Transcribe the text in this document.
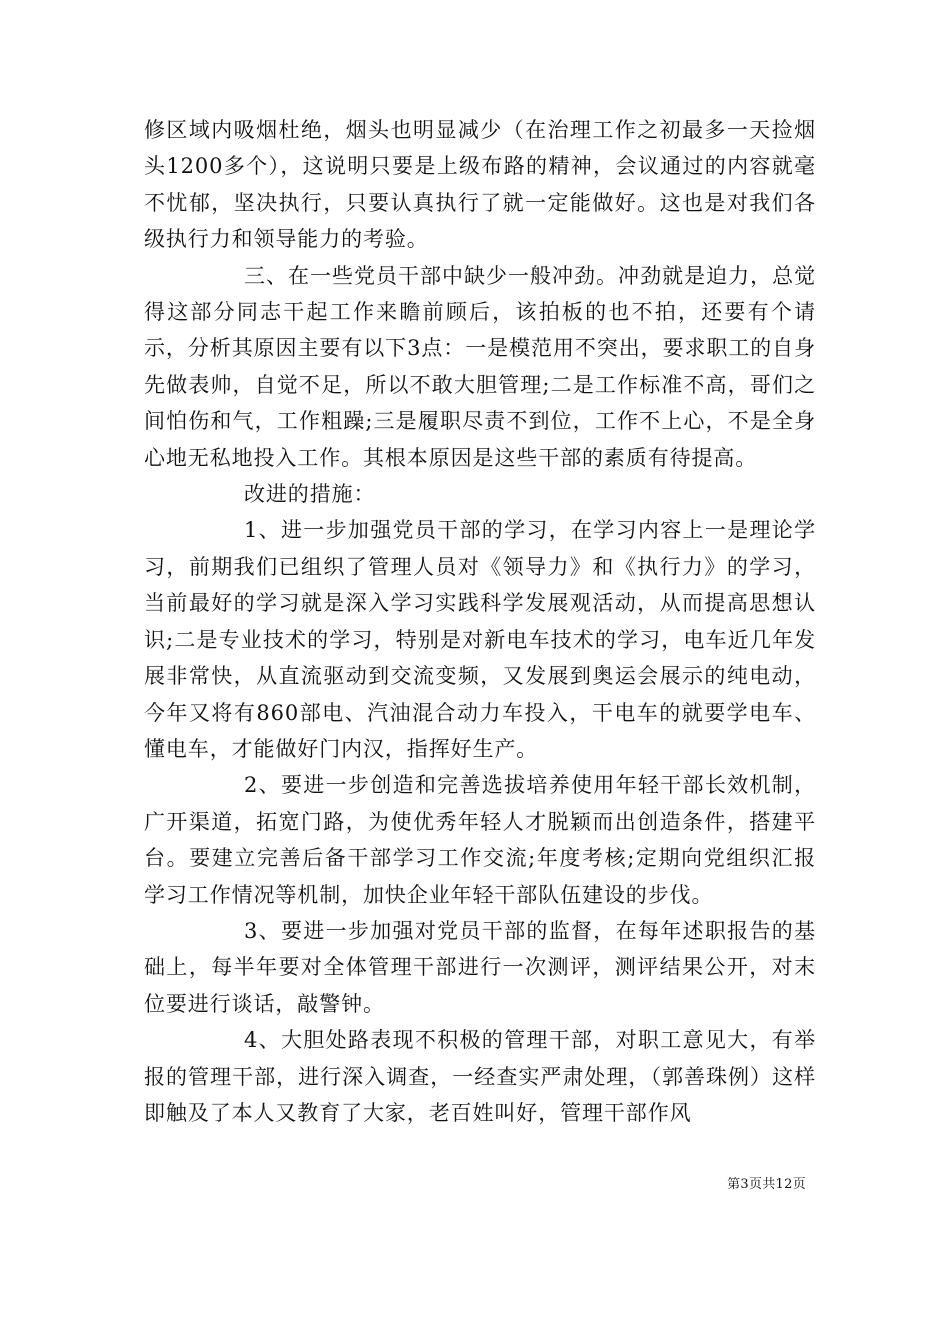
修区域内吸烟杜绝，烟头也明显减少（在治理工作之初最多一天捡烟头1200多个），这说明只要是上级布路的精神，会议通过的内容就毫不忧郁，坚决执行，只要认真执行了就一定能做好。这也是对我们各级执行力和领导能力的考验。

三、在一些党员干部中缺少一般冲劲。冲劲就是迫力，总觉得这部分同志干起工作来瞻前顾后，该拍板的也不拍，还要有个请示，分析其原因主要有以下3点：一是模范用不突出，要求职工的自身先做表帅，自觉不足，所以不敢大胆管理;二是工作标准不高，哥们之间怕伤和气，工作粗躁;三是履职尽责不到位，工作不上心，不是全身心地无私地投入工作。其根本原因是这些干部的素质有待提高。

改进的措施：

1、进一步加强党员干部的学习，在学习内容上一是理论学习，前期我们已组织了管理人员对《领导力》和《执行力》的学习，当前最好的学习就是深入学习实践科学发展观活动，从而提高思想认识;二是专业技术的学习，特别是对新电车技术的学习，电车近几年发展非常快，从直流驱动到交流变频，又发展到奥运会展示的纯电动，今年又将有860部电、汽油混合动力车投入，干电车的就要学电车、懂电车，才能做好门内汉，指挥好生产。

2、要进一步创造和完善选拔培养使用年轻干部长效机制，广开渠道，拓宽门路，为使优秀年轻人才脱颖而出创造条件，搭建平台。要建立完善后备干部学习工作交流;年度考核;定期向党组织汇报学习工作情况等机制，加快企业年轻干部队伍建设的步伐。

3、要进一步加强对党员干部的监督，在每年述职报告的基础上，每半年要对全体管理干部进行一次测评，测评结果公开，对末位要进行谈话，敲警钟。

4、大胆处路表现不积极的管理干部，对职工意见大，有举报的管理干部，进行深入调查，一经查实严肃处理，（郭善珠例）这样即触及了本人又教育了大家，老百姓叫好，管理干部作风

第3页共12页
